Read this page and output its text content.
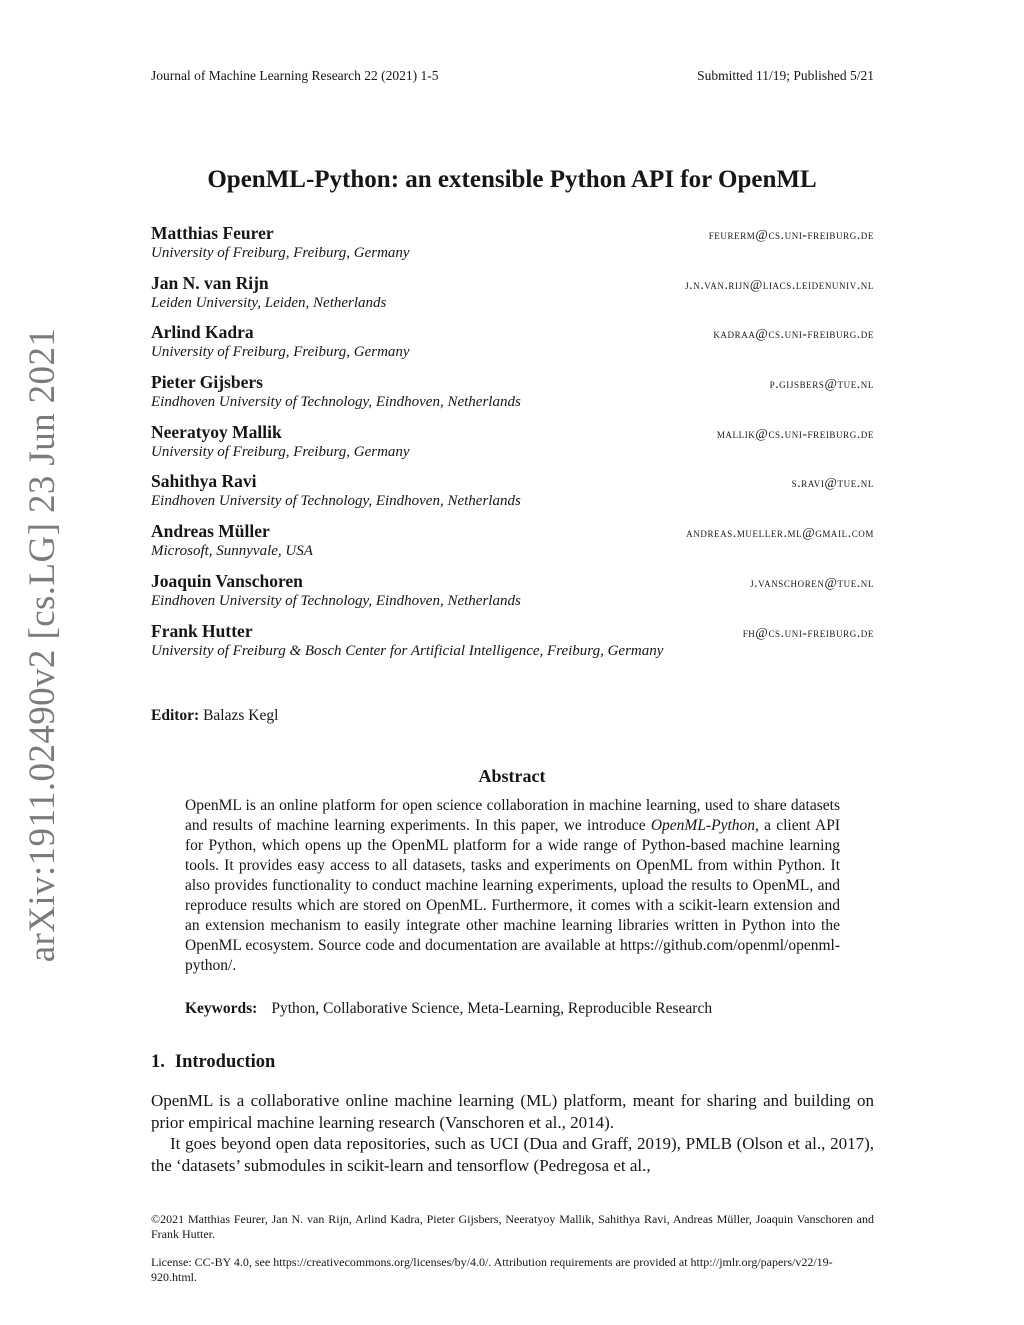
Journal of Machine Learning Research 22 (2021) 1-5	Submitted 11/19; Published 5/21
arXiv:1911.02490v2 [cs.LG] 23 Jun 2021
OpenML-Python: an extensible Python API for OpenML
Matthias Feurer	feurerm@cs.uni-freiburg.de
University of Freiburg, Freiburg, Germany
Jan N. van Rijn	j.n.van.rijn@liacs.leidenuniv.nl
Leiden University, Leiden, Netherlands
Arlind Kadra	kadraa@cs.uni-freiburg.de
University of Freiburg, Freiburg, Germany
Pieter Gijsbers	p.gijsbers@tue.nl
Eindhoven University of Technology, Eindhoven, Netherlands
Neeratyoy Mallik	mallik@cs.uni-freiburg.de
University of Freiburg, Freiburg, Germany
Sahithya Ravi	s.ravi@tue.nl
Eindhoven University of Technology, Eindhoven, Netherlands
Andreas Müller	andreas.mueller.ml@gmail.com
Microsoft, Sunnyvale, USA
Joaquin Vanschoren	j.vanschoren@tue.nl
Eindhoven University of Technology, Eindhoven, Netherlands
Frank Hutter	fh@cs.uni-freiburg.de
University of Freiburg & Bosch Center for Artificial Intelligence, Freiburg, Germany
Editor: Balazs Kegl
Abstract

OpenML is an online platform for open science collaboration in machine learning, used to share datasets and results of machine learning experiments. In this paper, we introduce OpenML-Python, a client API for Python, which opens up the OpenML platform for a wide range of Python-based machine learning tools. It provides easy access to all datasets, tasks and experiments on OpenML from within Python. It also provides functionality to conduct machine learning experiments, upload the results to OpenML, and reproduce results which are stored on OpenML. Furthermore, it comes with a scikit-learn extension and an extension mechanism to easily integrate other machine learning libraries written in Python into the OpenML ecosystem. Source code and documentation are available at https://github.com/openml/openml-python/.

Keywords: Python, Collaborative Science, Meta-Learning, Reproducible Research
1. Introduction

OpenML is a collaborative online machine learning (ML) platform, meant for sharing and building on prior empirical machine learning research (Vanschoren et al., 2014).

It goes beyond open data repositories, such as UCI (Dua and Graff, 2019), PMLB (Olson et al., 2017), the ‘datasets’ submodules in scikit-learn and tensorflow (Pedregosa et al.,

©2021 Matthias Feurer, Jan N. van Rijn, Arlind Kadra, Pieter Gijsbers, Neeratyoy Mallik, Sahithya Ravi, Andreas Müller, Joaquin Vanschoren and Frank Hutter.
License: CC-BY 4.0, see https://creativecommons.org/licenses/by/4.0/. Attribution requirements are provided at http://jmlr.org/papers/v22/19-920.html.
